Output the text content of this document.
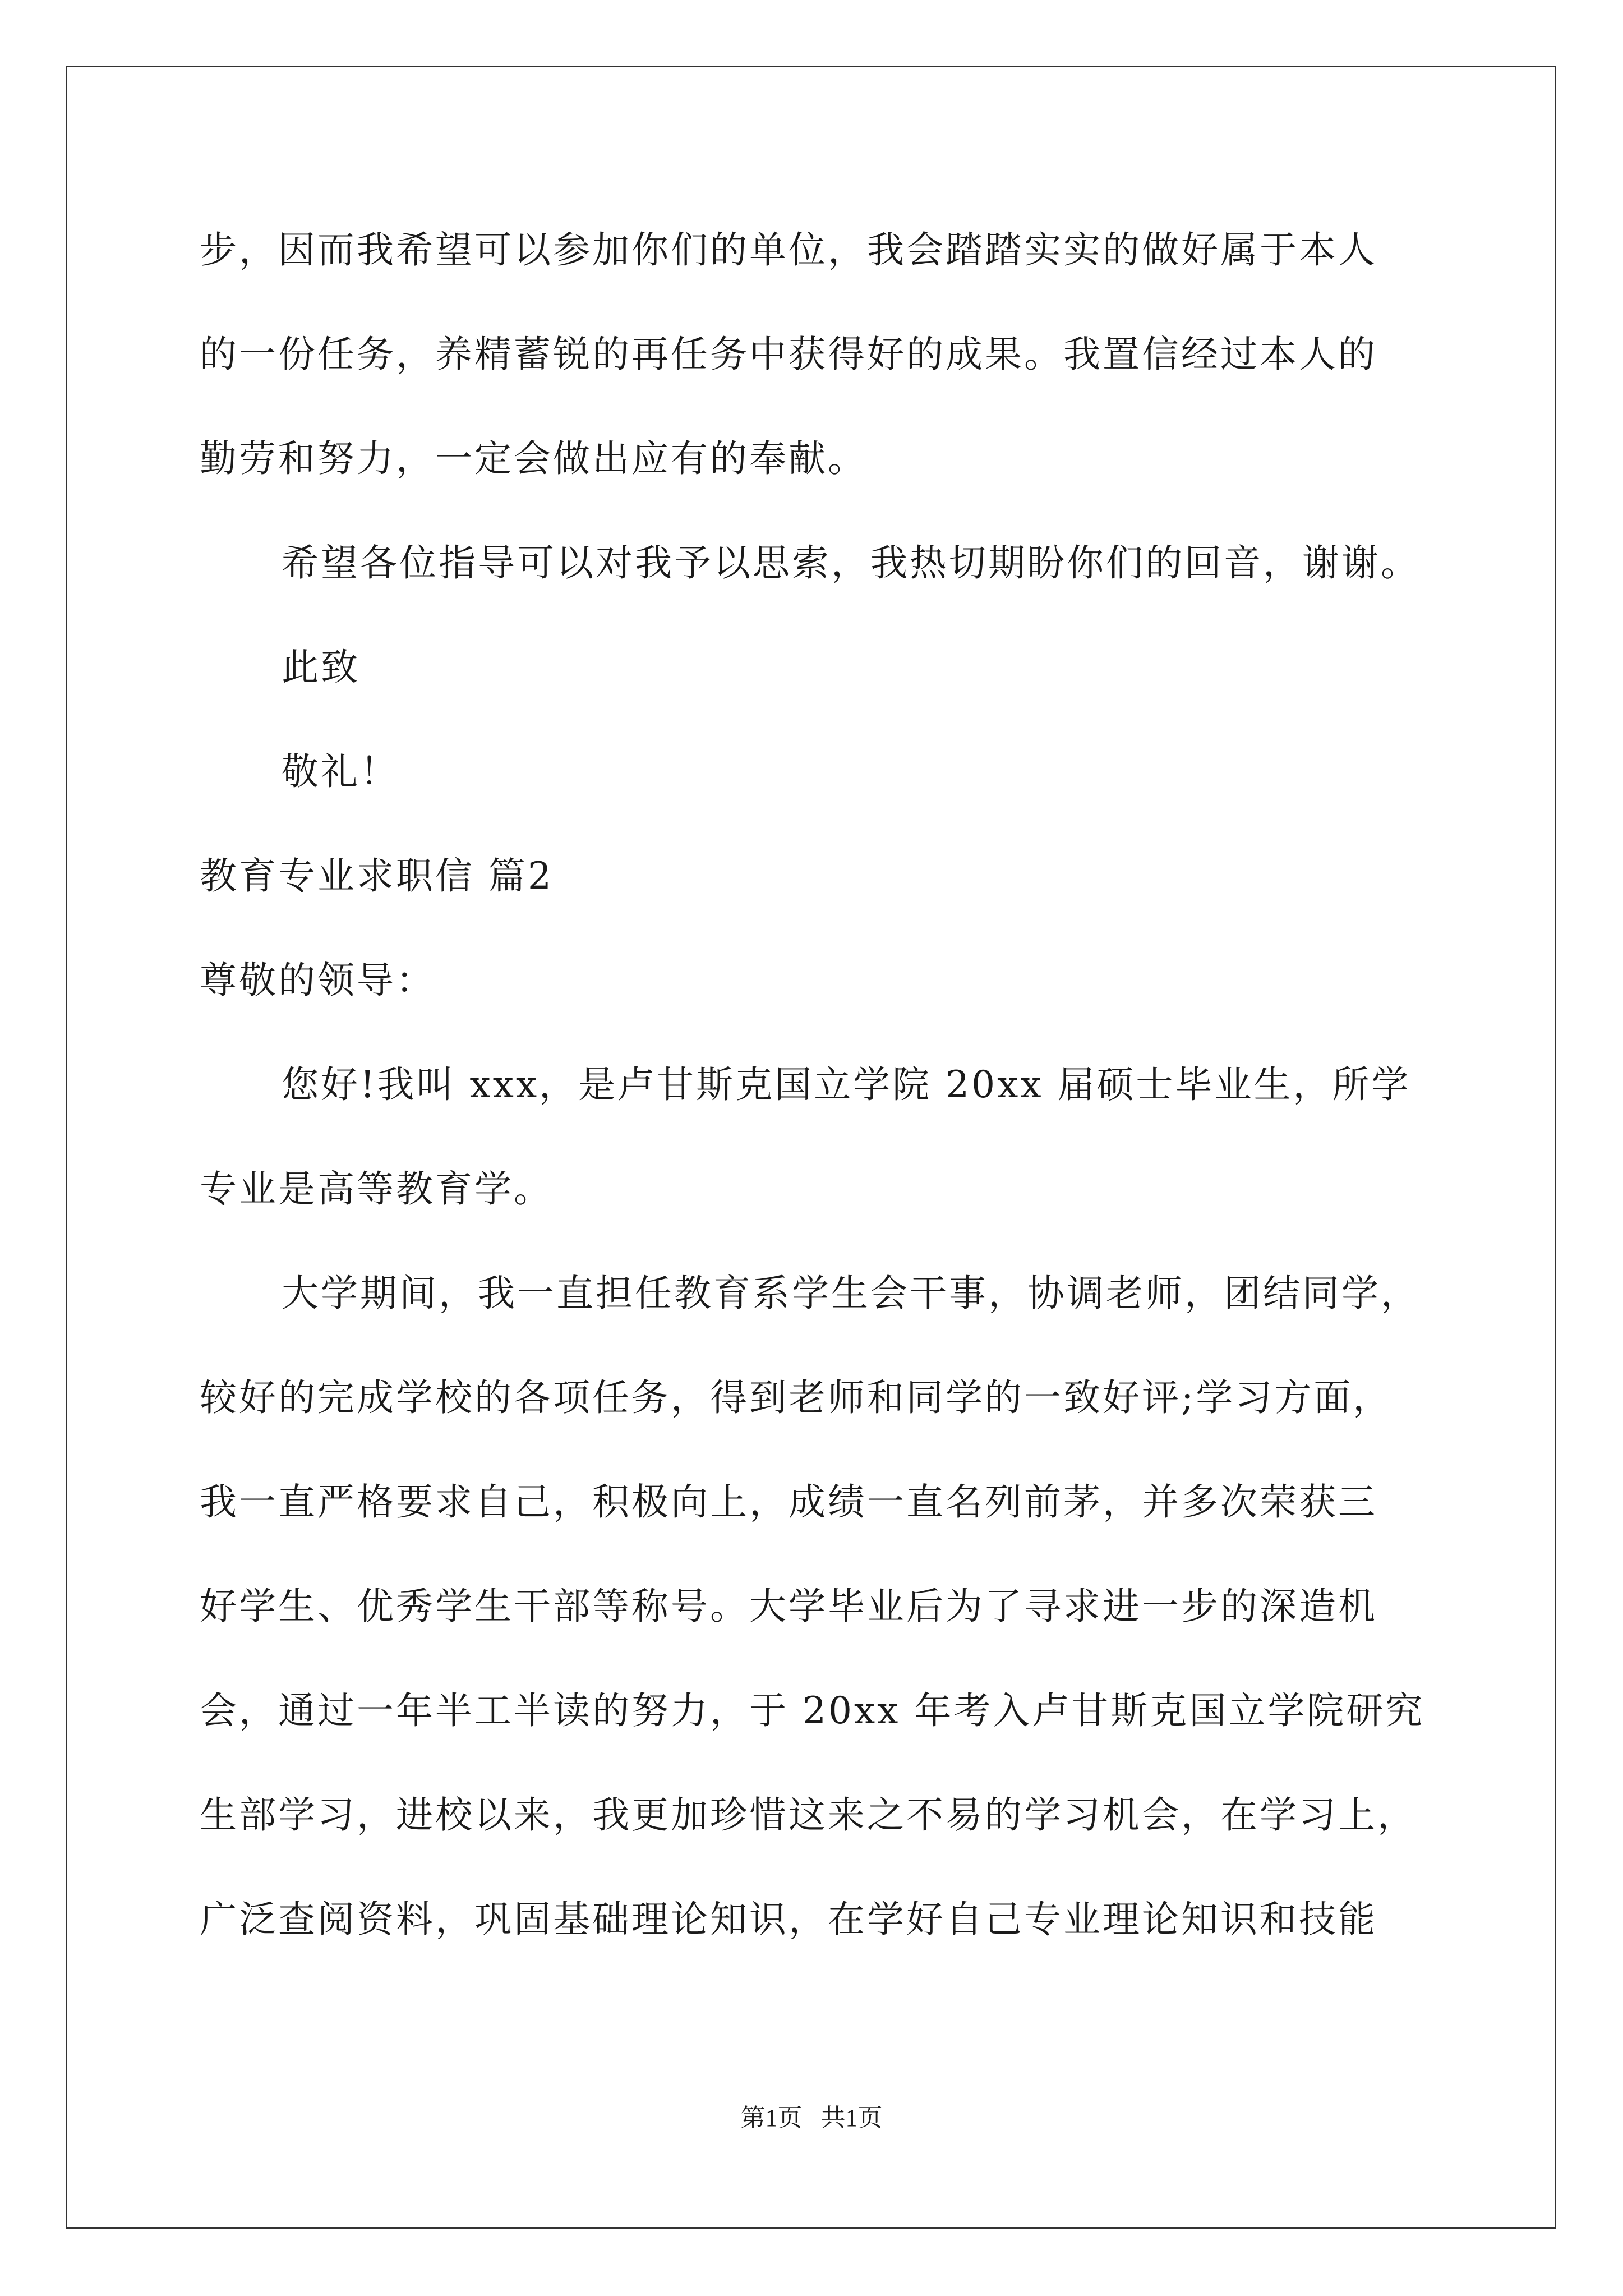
步，因而我希望可以参加你们的单位，我会踏踏实实的做好属于本人
的一份任务，养精蓄锐的再任务中获得好的成果。我置信经过本人的
勤劳和努力，一定会做出应有的奉献。
希望各位指导可以对我予以思索，我热切期盼你们的回音，谢谢。
此致
敬礼！
教育专业求职信 篇2
尊敬的领导：
您好!我叫 xxx，是卢甘斯克国立学院 20xx 届硕士毕业生，所学
专业是高等教育学。
大学期间，我一直担任教育系学生会干事，协调老师，团结同学，
较好的完成学校的各项任务，得到老师和同学的一致好评;学习方面，
我一直严格要求自己，积极向上，成绩一直名列前茅，并多次荣获三
好学生、优秀学生干部等称号。大学毕业后为了寻求进一步的深造机
会，通过一年半工半读的努力，于 20xx 年考入卢甘斯克国立学院研究
生部学习，进校以来，我更加珍惜这来之不易的学习机会，在学习上，
广泛查阅资料，巩固基础理论知识，在学好自己专业理论知识和技能
第1页   共1页
